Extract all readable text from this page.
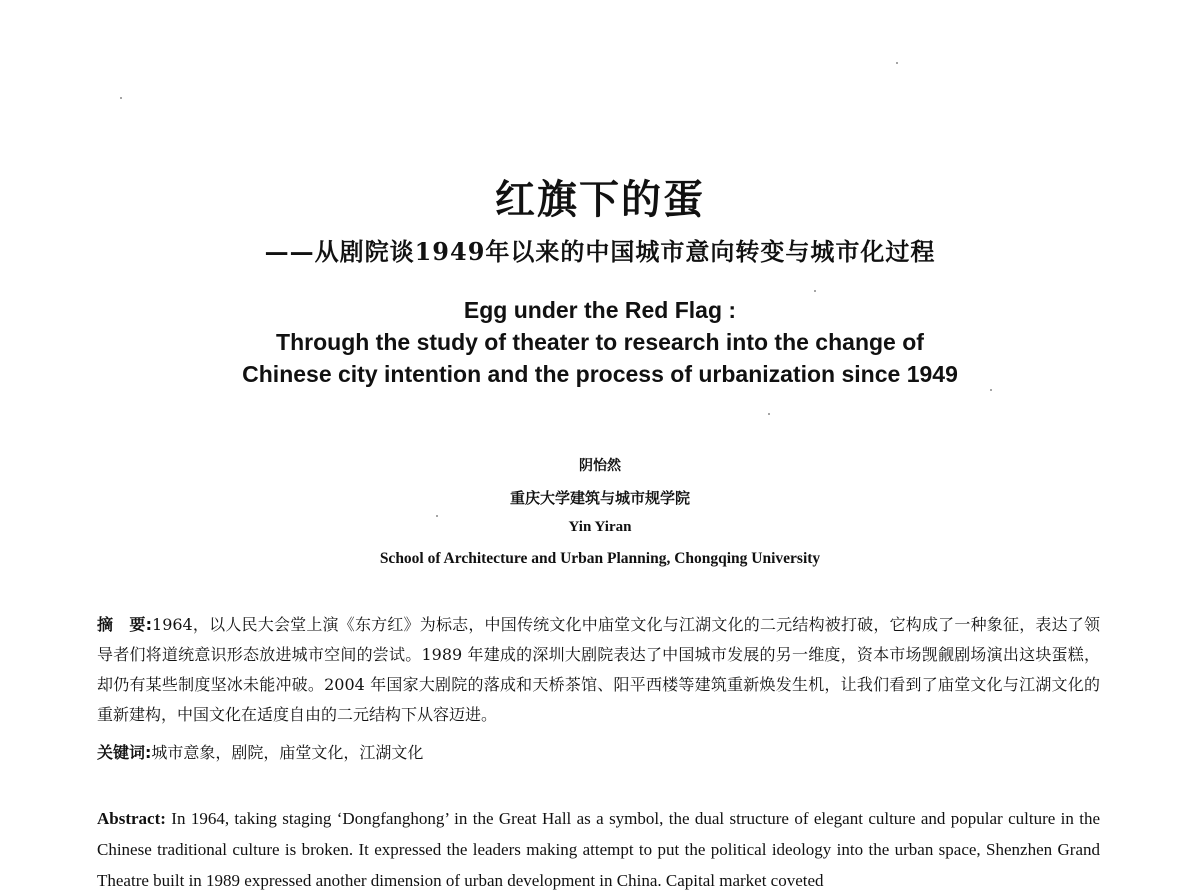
红旗下的蛋
——从剧院谈1949年以来的中国城市意向转变与城市化过程

Egg under the Red Flag :

Through the study of theater to research into the change of

Chinese city intention and the process of urbanization since 1949

阴怡然

重庆大学建筑与城市规学院

Yin Yiran

School of Architecture and Urban Planning, Chongqing University

摘　要:1964，以人民大会堂上演《东方红》为标志，中国传统文化中庙堂文化与江湖文化的二元结构被打破，它构成了一种象征，表达了领导者们将道统意识形态放进城市空间的尝试。1989 年建成的深圳大剧院表达了中国城市发展的另一维度，资本市场觊觎剧场演出这块蛋糕，却仍有某些制度坚冰未能冲破。2004 年国家大剧院的落成和天桥茶馆、阳平西楼等建筑重新焕发生机，让我们看到了庙堂文化与江湖文化的重新建构，中国文化在适度自由的二元结构下从容迈进。

关键词:城市意象，剧院，庙堂文化，江湖文化

Abstract: In 1964, taking staging ‘Dongfanghong’ in the Great Hall as a symbol, the dual structure of elegant culture and popular culture in the Chinese traditional culture is broken. It expressed the leaders making attempt to put the political ideology into the urban space, Shenzhen Grand Theatre built in 1989 expressed another dimension of urban development in China. Capital market coveted
